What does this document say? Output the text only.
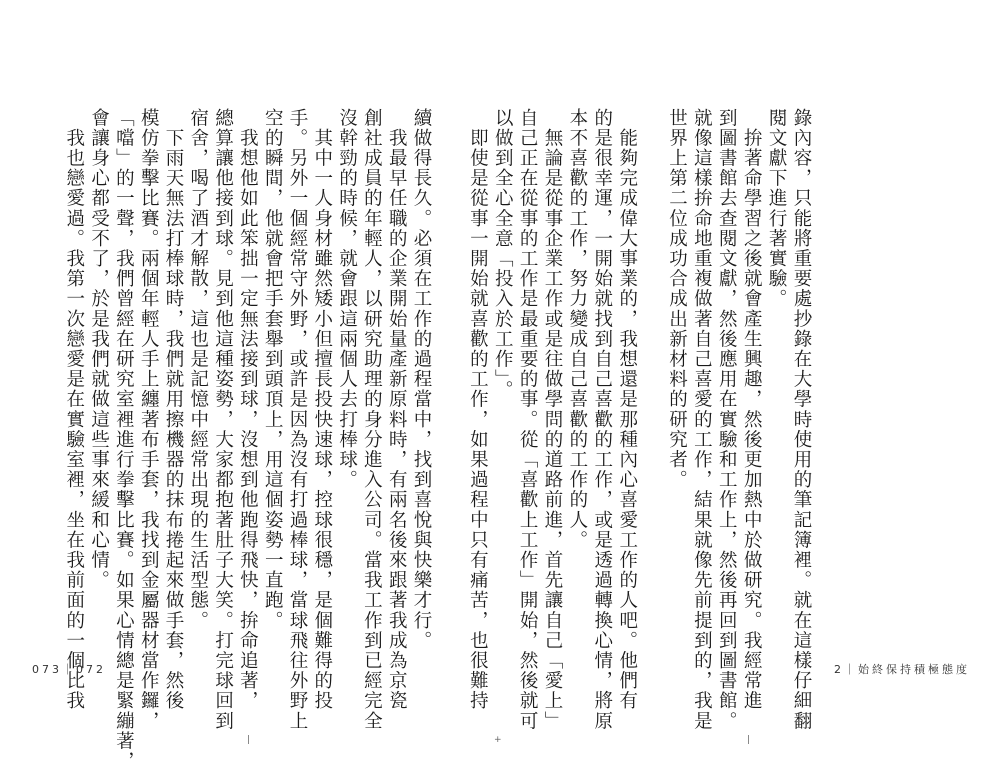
續做得長久。必須在工作的過程當中，找到喜悅與快樂才行。
　我最早任職的企業開始量產新原料時，有兩名後來跟著我成為京瓷
創社成員的年輕人，以研究助理的身分進入公司。當我工作到已經完全
沒幹勁的時候，就會跟這兩個人去打棒球。
　其中一人身材雖然矮小但擅長投快速球，控球很穩，是個難得的投
手。另外一個經常守外野，或許是因為沒有打過棒球，當球飛往外野上
空的瞬間，他就會把手套舉到頭頂上，用這個姿勢一直跑。
　我想他如此笨拙一定無法接到球，沒想到他跑得飛快，拚命追著，
總算讓他接到球。見到他這種姿勢，大家都抱著肚子大笑。打完球回到
宿舍，喝了酒才解散，這也是記憶中經常出現的生活型態。
　下雨天無法打棒球時，我們就用擦機器的抹布捲起來做手套，然後
模仿拳擊比賽。兩個年輕人手上纏著布手套，我找到金屬器材當作鑼，
「噹」的一聲，我們曾經在研究室裡進行拳擊比賽。如果心情總是緊繃著，
會讓身心都受不了，於是我們就做這些事來緩和心情。
　我也戀愛過。我第一次戀愛是在實驗室裡，坐在我前面的一個比我
073｜072
|	+
錄內容，只能將重要處抄錄在大學時使用的筆記簿裡。就在這樣仔細翻
閱文獻下進行著實驗。
　拚著命學習之後就會產生興趣，然後更加熱中於做研究。我經常進
到圖書館去查閱文獻，然後應用在實驗和工作上，然後再回到圖書館。
就像這樣拚命地重複做著自己喜愛的工作，結果就像先前提到的，我是
世界上第二位成功合成出新材料的研究者。
　能夠完成偉大事業的，我想還是那種內心喜愛工作的人吧。他們有
的是很幸運，一開始就找到自己喜歡的工作，或是透過轉換心情，將原
本不喜歡的工作，努力變成自己喜歡的工作的人。
　無論是從事企業工作或是往做學問的道路前進，首先讓自己「愛上」
自己正在從事的工作是最重要的事。從「喜歡上工作」開始，然後就可
以做到全心全意「投入於工作」。
　即使是從事一開始就喜歡的工作，如果過程中只有痛苦，也很難持	2｜始終保持積極態度
|
